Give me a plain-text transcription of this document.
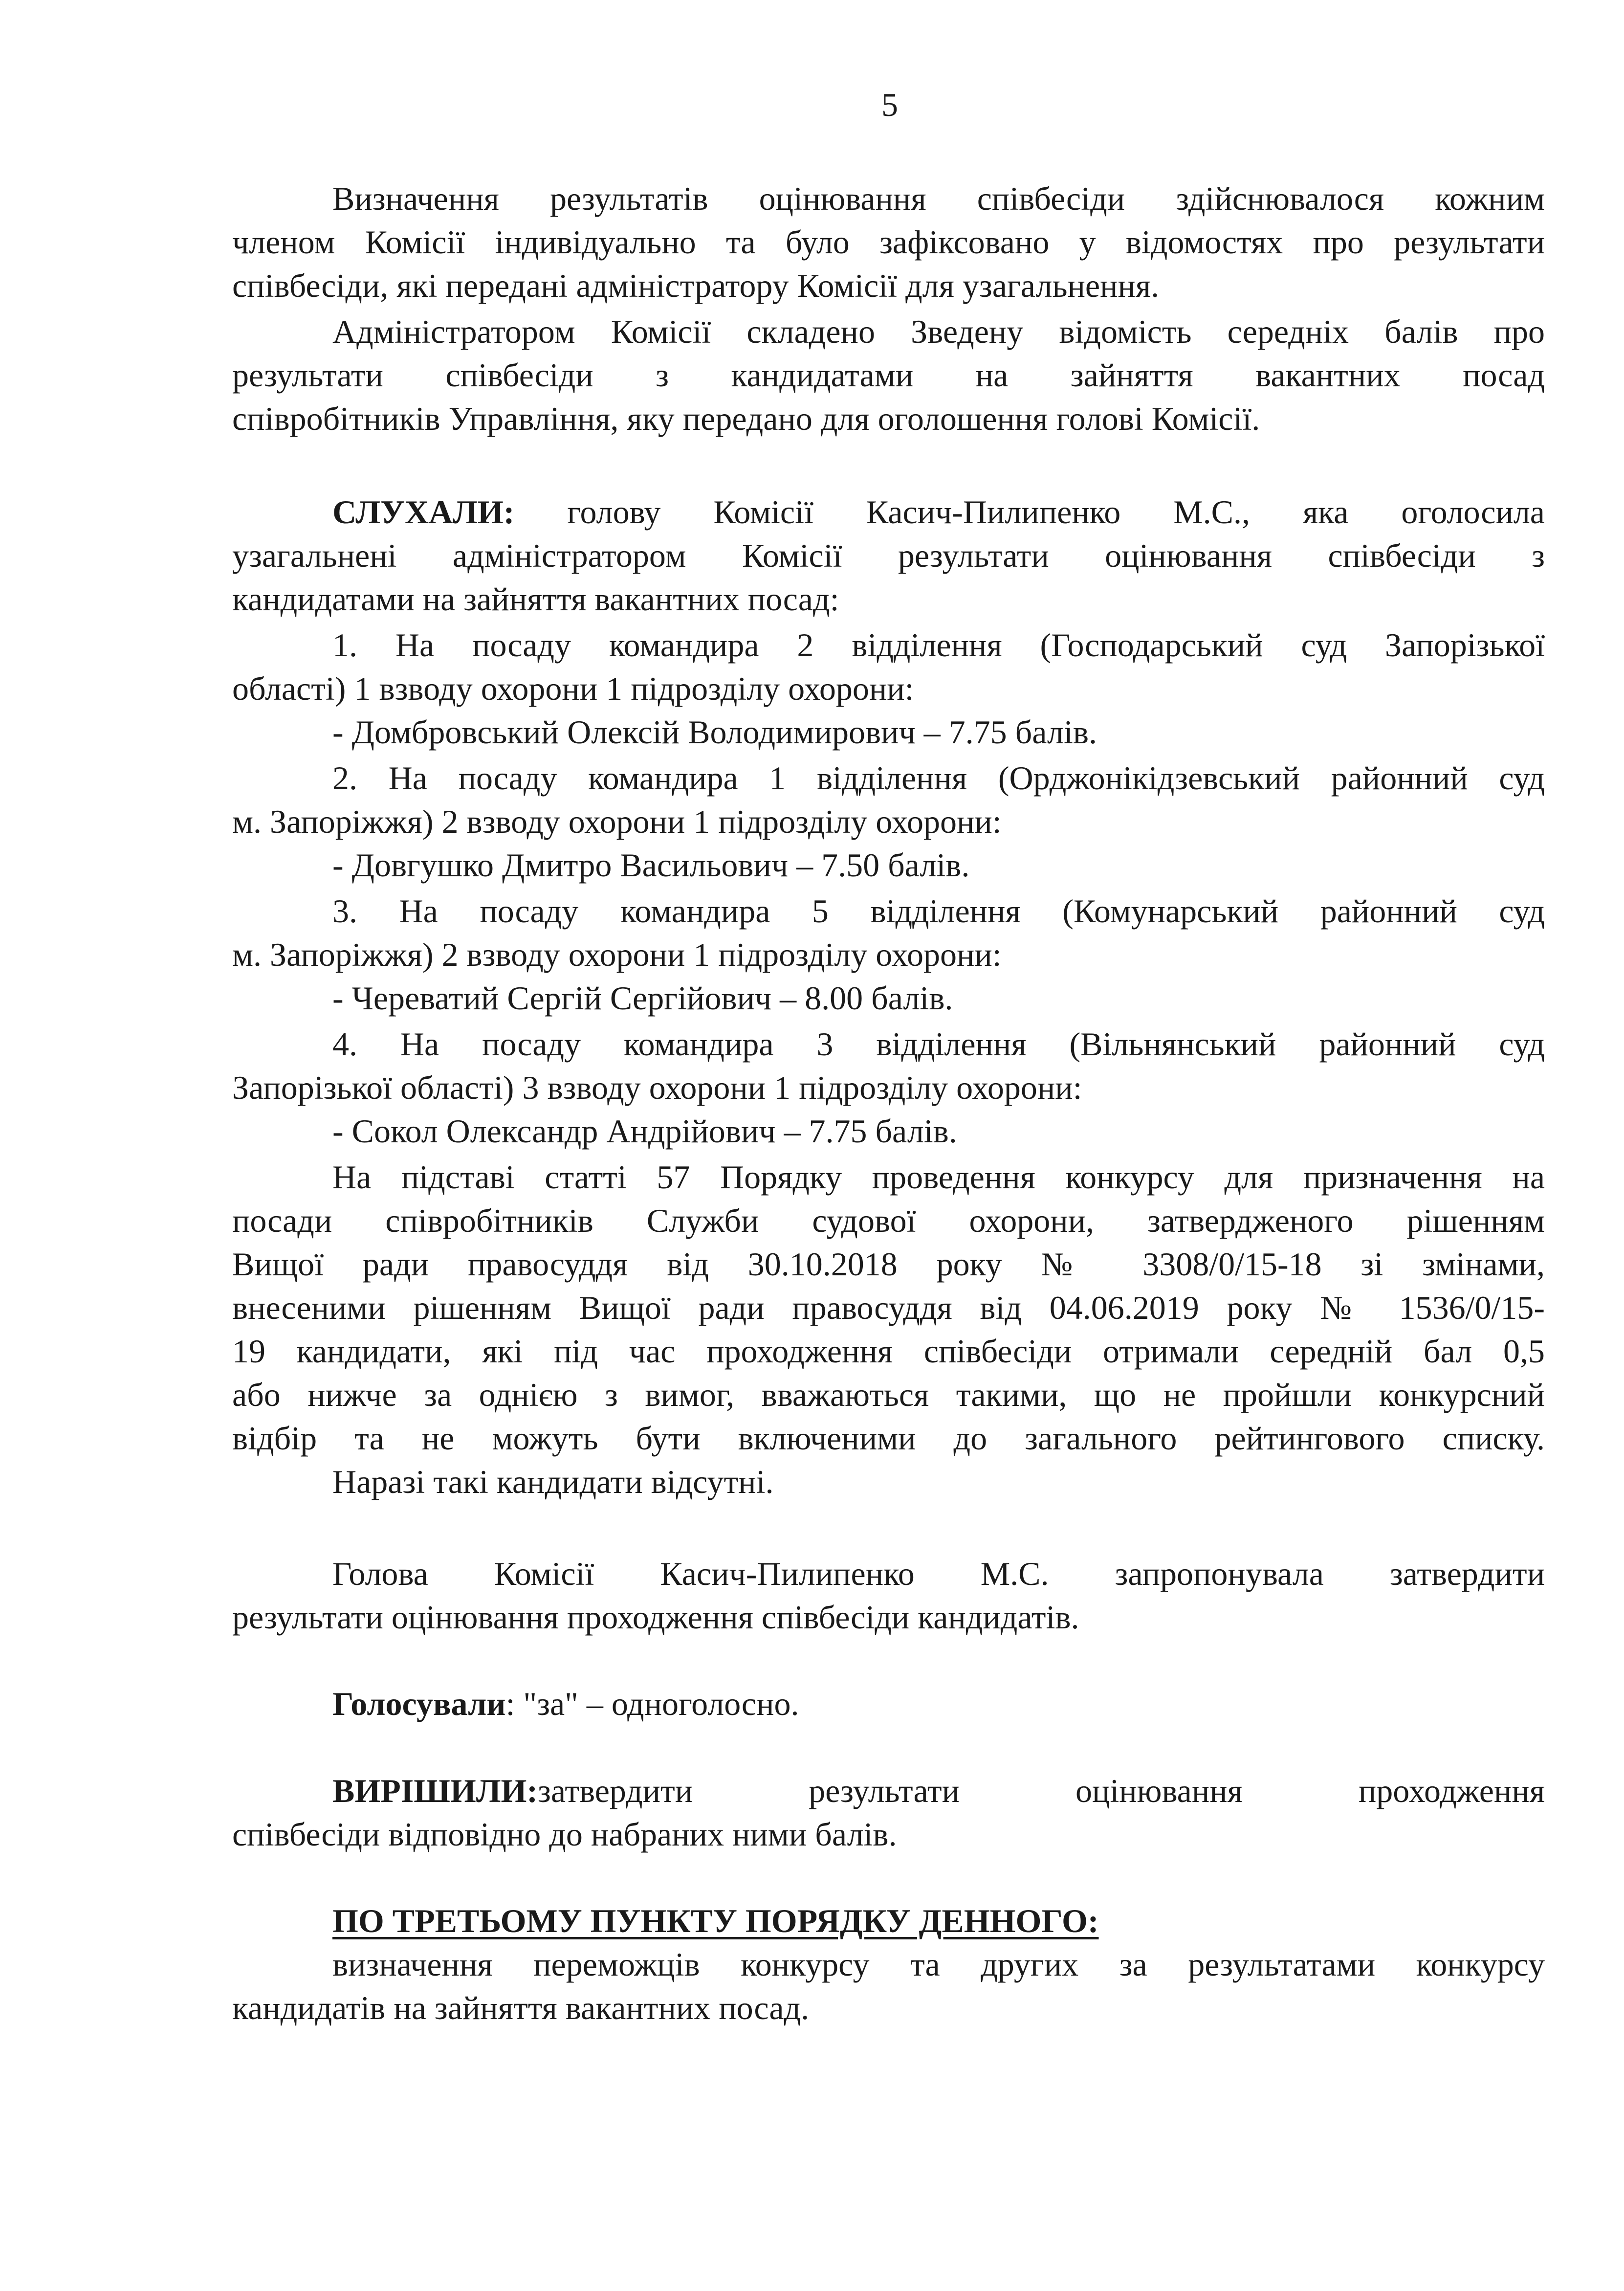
5
Визначення результатів оцінювання співбесіди здійснювалося кожним
членом Комісії індивідуально та було зафіксовано у відомостях про результати
співбесіди, які передані адміністратору Комісії для узагальнення.
Адміністратором Комісії складено Зведену відомість середніх балів про
результати співбесіди з кандидатами на зайняття вакантних посад
співробітників Управління, яку передано для оголошення голові Комісії.
СЛУХАЛИ: голову Комісії Касич-Пилипенко М.С., яка оголосила
узагальнені адміністратором Комісії результати оцінювання співбесіди з
кандидатами на зайняття вакантних посад:
1. На посаду командира 2 відділення (Господарський суд Запорізької
області) 1 взводу охорони 1 підрозділу охорони:
- Домбровський Олексій Володимирович – 7.75 балів.
2. На посаду командира 1 відділення (Орджонікідзевський районний суд
м. Запоріжжя) 2 взводу охорони 1 підрозділу охорони:
- Довгушко Дмитро Васильович – 7.50 балів.
3. На посаду командира 5 відділення (Комунарський районний суд
м. Запоріжжя) 2 взводу охорони 1 підрозділу охорони:
- Череватий Сергій Сергійович – 8.00 балів.
4. На посаду командира 3 відділення (Вільнянський районний суд
Запорізької області) 3 взводу охорони 1 підрозділу охорони:
- Сокол Олександр Андрійович – 7.75 балів.
На підставі статті 57 Порядку проведення конкурсу для призначення на
посади співробітників Служби судової охорони, затвердженого рішенням
Вищої ради правосуддя від 30.10.2018 року № 3308/0/15-18 зі змінами,
внесеними рішенням Вищої ради правосуддя від 04.06.2019 року № 1536/0/15-
19 кандидати, які під час проходження співбесіди отримали середній бал 0,5
або нижче за однією з вимог, вважаються такими, що не пройшли конкурсний
відбір та не можуть бути включеними до загального рейтингового списку.
Наразі такі кандидати відсутні.
Голова Комісії Касич-Пилипенко М.С. запропонувала затвердити
результати оцінювання проходження співбесіди кандидатів.
Голосували: "за" – одноголосно.
ВИРІШИЛИ:затвердити результати оцінювання проходження
співбесіди відповідно до набраних ними балів.
ПО ТРЕТЬОМУ ПУНКТУ ПОРЯДКУ ДЕННОГО:
визначення переможців конкурсу та других за результатами конкурсу
кандидатів на зайняття вакантних посад.
